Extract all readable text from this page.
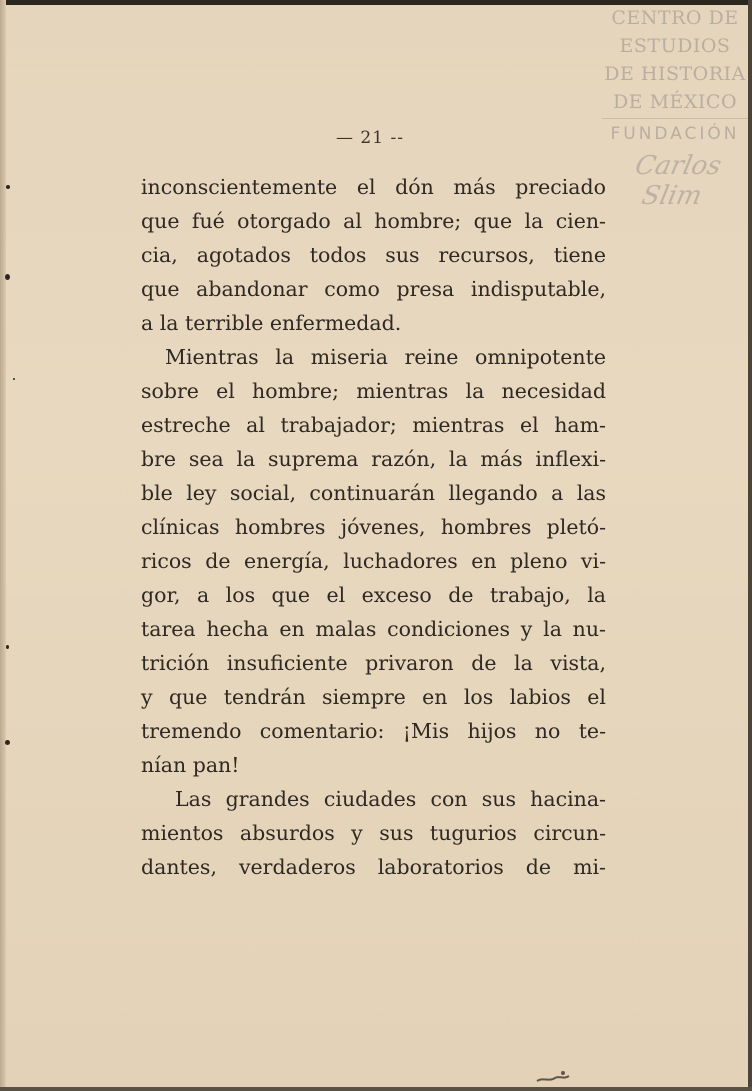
CENTRO DE
ESTUDIOS
DE HISTORIA
DE MÉXICO
FUNDACIÓN
Carlos Slim
— 21 --
inconscientemente el dón más preciado
que fué otorgado al hombre; que la cien-
cia, agotados todos sus recursos, tiene
que abandonar como presa indisputable,
a la terrible enfermedad.
Mientras la miseria reine omnipotente
sobre el hombre; mientras la necesidad
estreche al trabajador; mientras el ham-
bre sea la suprema razón, la más inflexi-
ble ley social, continuarán llegando a las
clínicas hombres jóvenes, hombres pletó-
ricos de energía, luchadores en pleno vi-
gor, a los que el exceso de trabajo, la
tarea hecha en malas condiciones y la nu-
trición insuficiente privaron de la vista,
y que tendrán siempre en los labios el
tremendo comentario: ¡Mis hijos no te-
nían pan!
Las grandes ciudades con sus hacina-
mientos absurdos y sus tugurios circun-
dantes, verdaderos laboratorios de mi-
